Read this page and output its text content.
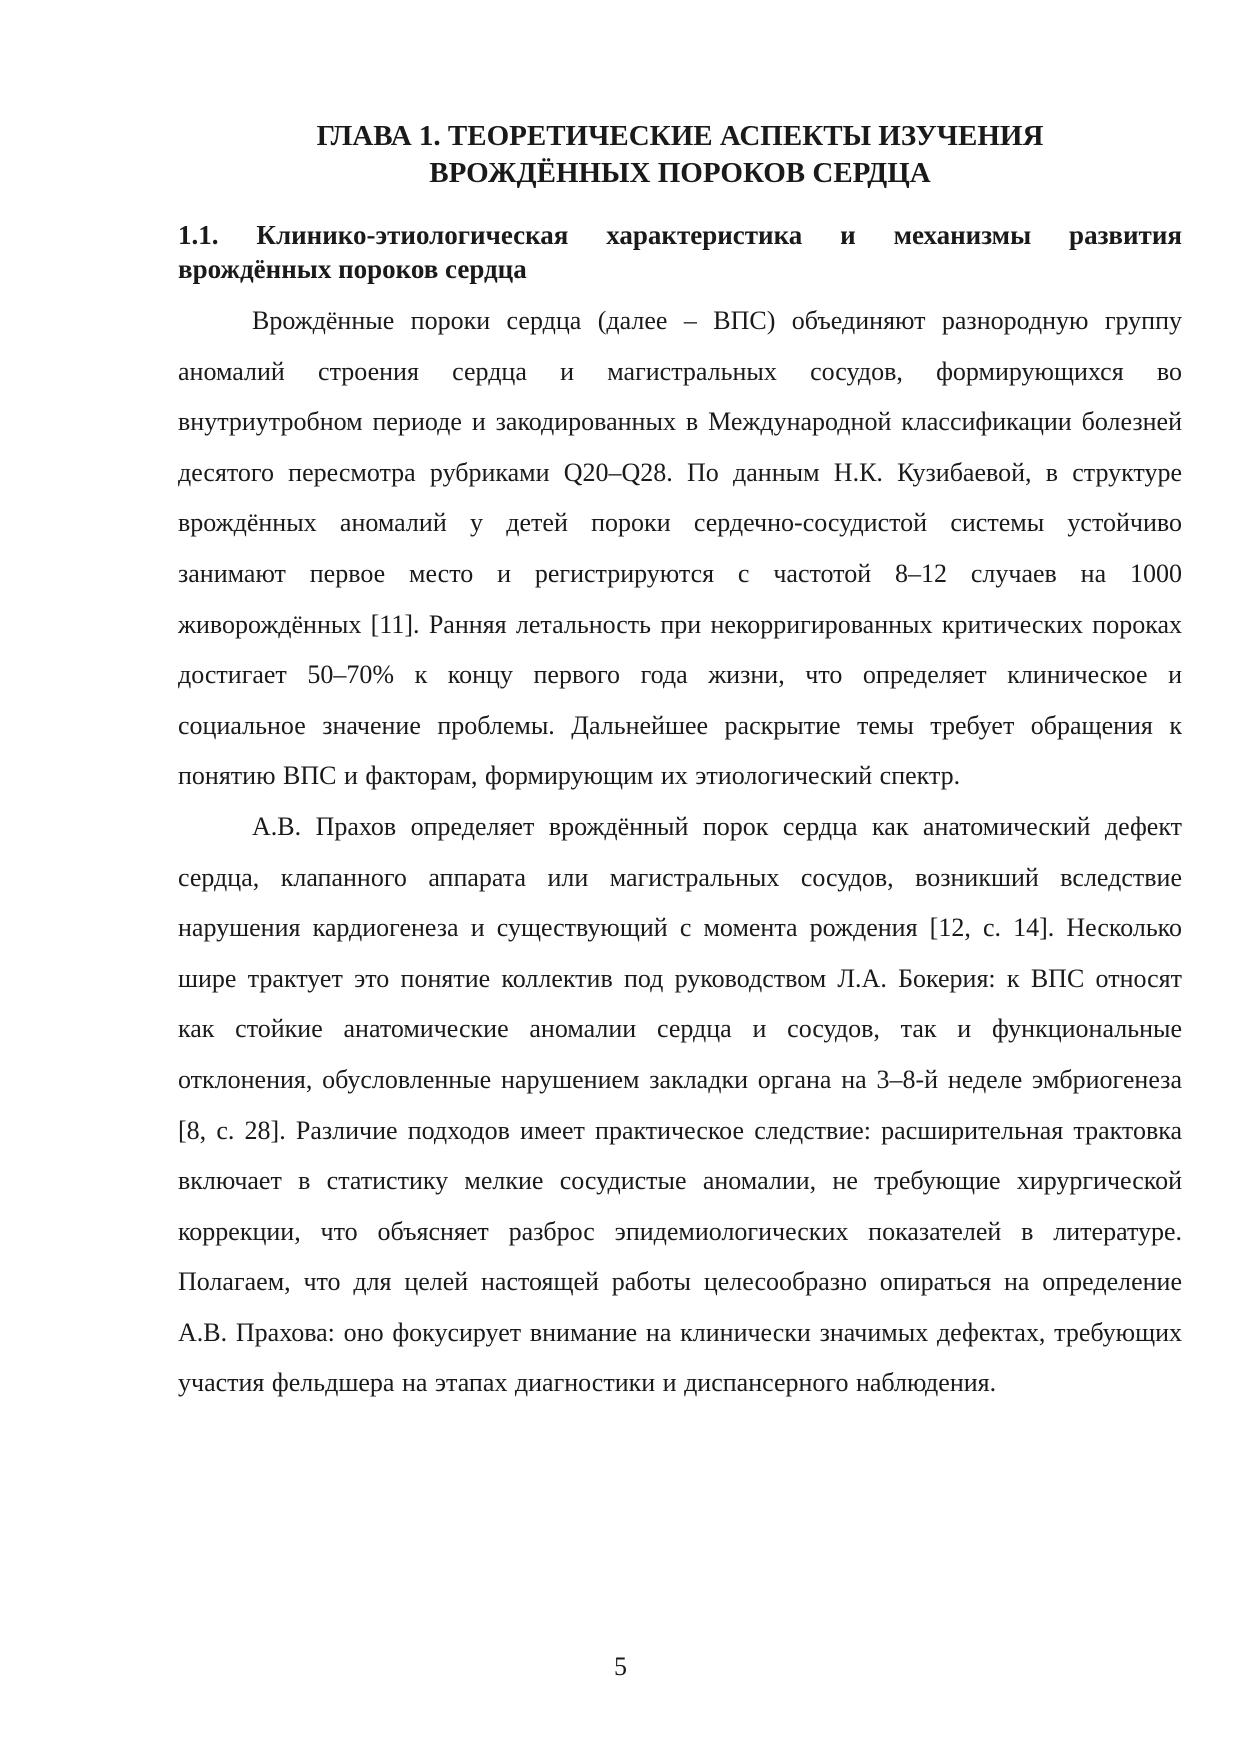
ГЛАВА 1. ТЕОРЕТИЧЕСКИЕ АСПЕКТЫ ИЗУЧЕНИЯ
ВРОЖДЁННЫХ ПОРОКОВ СЕРДЦА
1.1. Клинико-этиологическая характеристика и механизмы развития врождённых пороков сердца

Врождённые пороки сердца (далее – ВПС) объединяют разнородную группу аномалий строения сердца и магистральных сосудов, формирующихся во внутриутробном периоде и закодированных в Международной классификации болезней десятого пересмотра рубриками Q20–Q28. По данным Н.К. Кузибаевой, в структуре врождённых аномалий у детей пороки сердечно-сосудистой системы устойчиво занимают первое место и регистрируются с частотой 8–12 случаев на 1000 живорождённых [11]. Ранняя летальность при некорригированных критических пороках достигает 50–70% к концу первого года жизни, что определяет клиническое и социальное значение проблемы. Дальнейшее раскрытие темы требует обращения к понятию ВПС и факторам, формирующим их этиологический спектр.

А.В. Прахов определяет врождённый порок сердца как анатомический дефект сердца, клапанного аппарата или магистральных сосудов, возникший вследствие нарушения кардиогенеза и существующий с момента рождения [12, с. 14]. Несколько шире трактует это понятие коллектив под руководством Л.А. Бокерия: к ВПС относят как стойкие анатомические аномалии сердца и сосудов, так и функциональные отклонения, обусловленные нарушением закладки органа на 3–8-й неделе эмбриогенеза [8, с. 28]. Различие подходов имеет практическое следствие: расширительная трактовка включает в статистику мелкие сосудистые аномалии, не требующие хирургической коррекции, что объясняет разброс эпидемиологических показателей в литературе. Полагаем, что для целей настоящей работы целесообразно опираться на определение А.В. Прахова: оно фокусирует внимание на клинически значимых дефектах, требующих участия фельдшера на этапах диагностики и диспансерного наблюдения.

5
